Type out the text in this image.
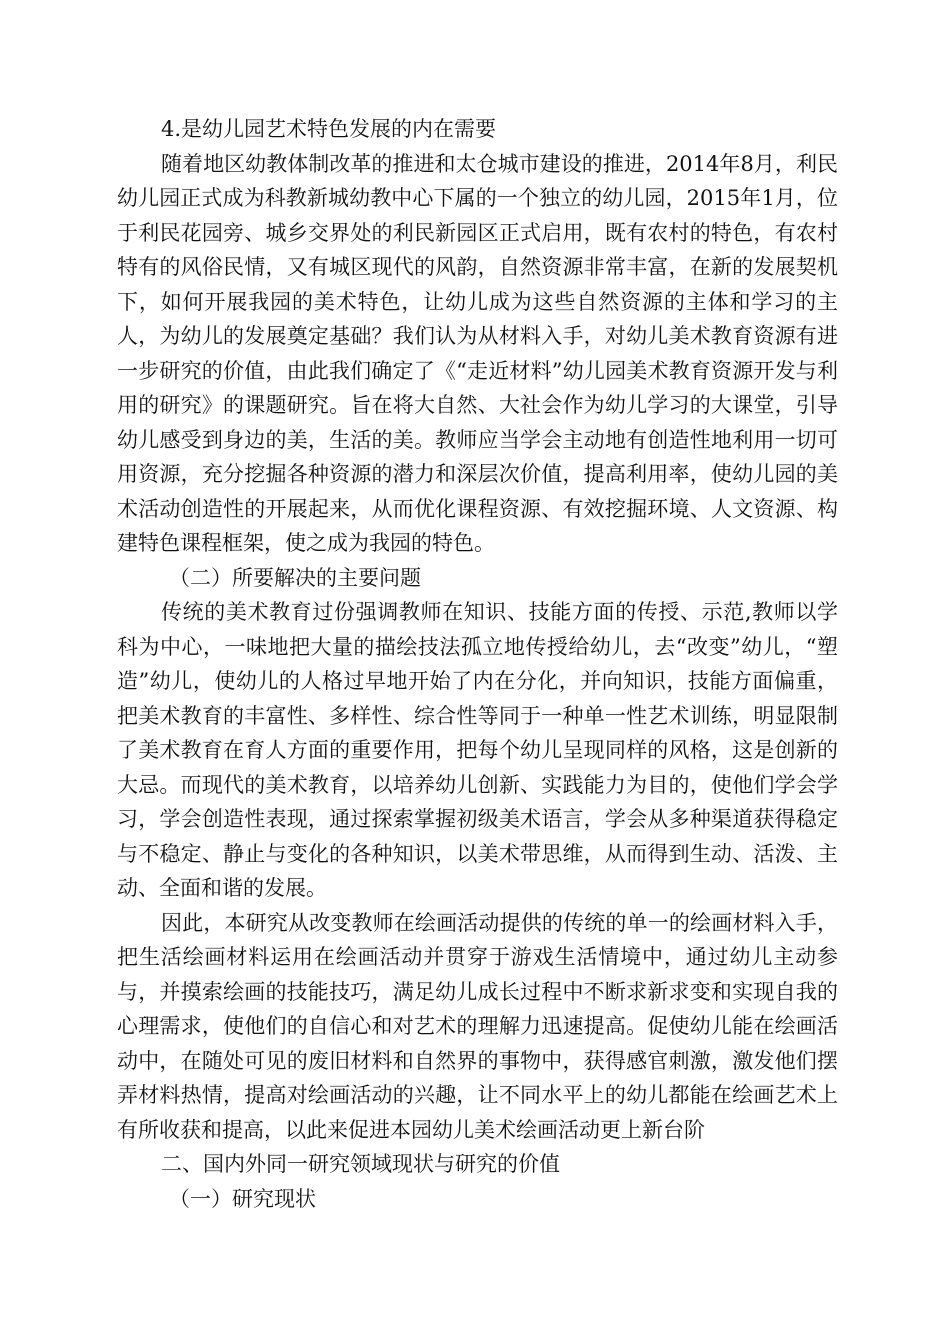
4.是幼儿园艺术特色发展的内在需要

随着地区幼教体制改革的推进和太仓城市建设的推进，2014年8月，利民幼儿园正式成为科教新城幼教中心下属的一个独立的幼儿园，2015年1月，位于利民花园旁、城乡交界处的利民新园区正式启用，既有农村的特色，有农村特有的风俗民情，又有城区现代的风韵，自然资源非常丰富，在新的发展契机下，如何开展我园的美术特色，让幼儿成为这些自然资源的主体和学习的主人，为幼儿的发展奠定基础？我们认为从材料入手，对幼儿美术教育资源有进一步研究的价值，由此我们确定了《“走近材料”幼儿园美术教育资源开发与利用的研究》的课题研究。旨在将大自然、大社会作为幼儿学习的大课堂，引导幼儿感受到身边的美，生活的美。教师应当学会主动地有创造性地利用一切可用资源，充分挖掘各种资源的潜力和深层次价值，提高利用率，使幼儿园的美术活动创造性的开展起来，从而优化课程资源、有效挖掘环境、人文资源、构建特色课程框架，使之成为我园的特色。

（二）所要解决的主要问题

传统的美术教育过份强调教师在知识、技能方面的传授、示范,教师以学科为中心，一味地把大量的描绘技法孤立地传授给幼儿，去“改变”幼儿，“塑造”幼儿，使幼儿的人格过早地开始了内在分化，并向知识，技能方面偏重，把美术教育的丰富性、多样性、综合性等同于一种单一性艺术训练，明显限制了美术教育在育人方面的重要作用，把每个幼儿呈现同样的风格，这是创新的大忌。而现代的美术教育，以培养幼儿创新、实践能力为目的，使他们学会学习，学会创造性表现，通过探索掌握初级美术语言，学会从多种渠道获得稳定与不稳定、静止与变化的各种知识，以美术带思维，从而得到生动、活泼、主动、全面和谐的发展。

因此，本研究从改变教师在绘画活动提供的传统的单一的绘画材料入手，把生活绘画材料运用在绘画活动并贯穿于游戏生活情境中，通过幼儿主动参与，并摸索绘画的技能技巧，满足幼儿成长过程中不断求新求变和实现自我的心理需求，使他们的自信心和对艺术的理解力迅速提高。促使幼儿能在绘画活动中，在随处可见的废旧材料和自然界的事物中，获得感官刺激，激发他们摆弄材料热情，提高对绘画活动的兴趣，让不同水平上的幼儿都能在绘画艺术上有所收获和提高，以此来促进本园幼儿美术绘画活动更上新台阶

二、国内外同一研究领域现状与研究的价值

（一）研究现状
